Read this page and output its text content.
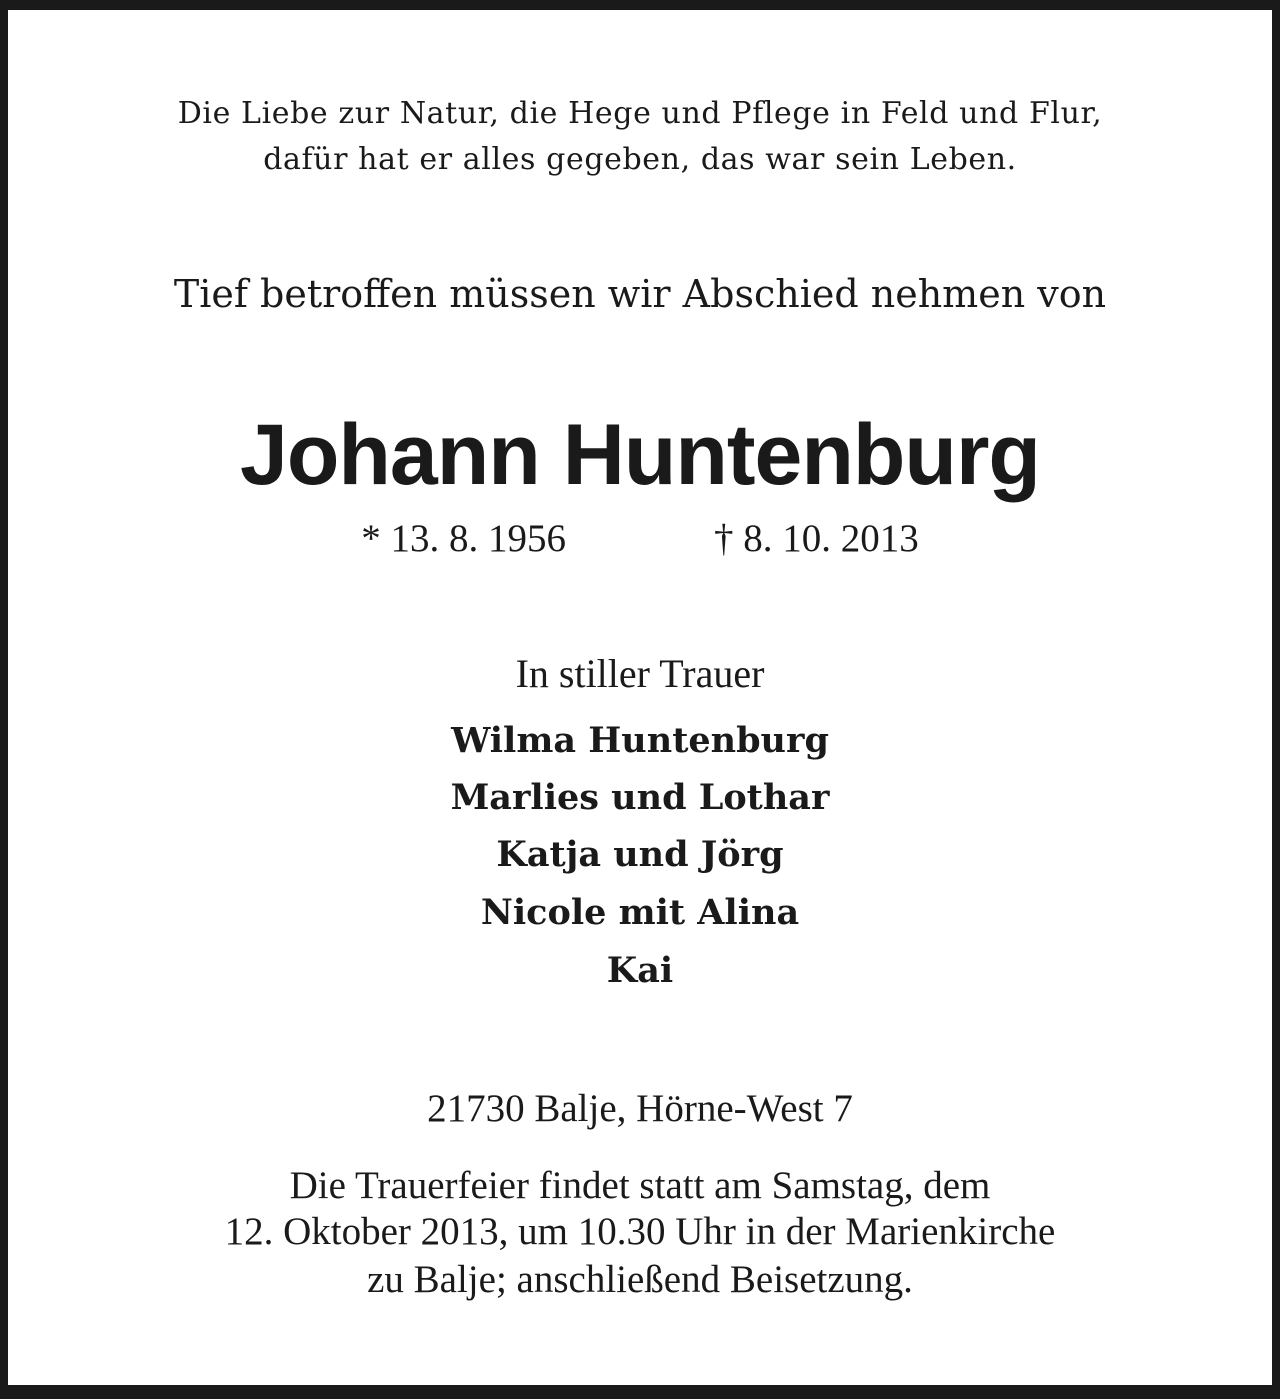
Die Liebe zur Natur, die Hege und Pflege in Feld und Flur,
dafür hat er alles gegeben, das war sein Leben.
Tief betroffen müssen wir Abschied nehmen von
Johann Huntenburg
* 13. 8. 1956	† 8. 10. 2013
In stiller Trauer
Wilma Huntenburg
Marlies und Lothar
Katja und Jörg
Nicole mit Alina
Kai
21730 Balje, Hörne-West 7
Die Trauerfeier findet statt am Samstag, dem
12. Oktober 2013, um 10.30 Uhr in der Marienkirche
zu Balje; anschließend Beisetzung.
